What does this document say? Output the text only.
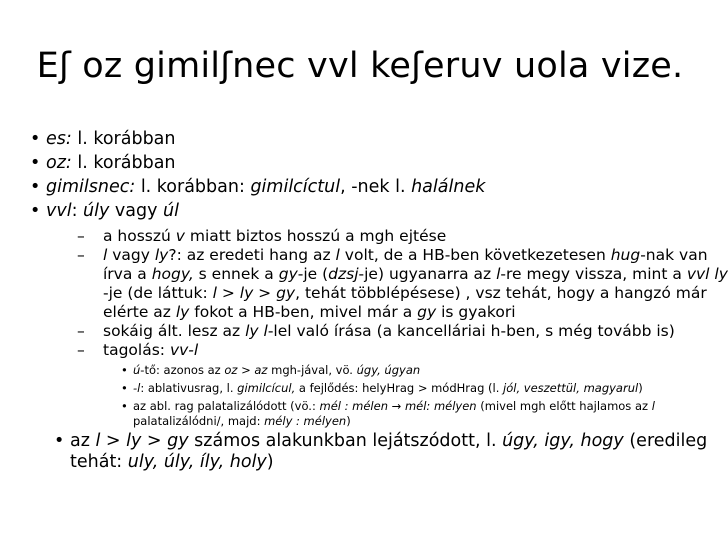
Eʃ oz gimilʃnec vvl keʃeruv uola vize.
• es: l. korábban
• oz: l. korábban
• gimilsnec: l. korábban: gimilcíctul, -nek l. halálnek
• vvl: úly vagy úl
– a hosszú v miatt biztos hosszú a mgh ejtése
– l vagy ly?: az eredeti hang az l volt, de a HB-ben következetesen hug-nak van
írva a hogy, s ennek a gy-je (dzsj-je) ugyanarra az l-re megy vissza, mint a vvl ly
-je (de láttuk: l > ly > gy, tehát többlépésese) , vsz tehát, hogy a hangzó már
elérte az ly fokot a HB-ben, mivel már a gy is gyakori
– sokáig ált. lesz az ly l-lel való írása (a kancelláriai h-ben, s még tovább is)
– tagolás: vv-l
• ú-tő: azonos az oz > az mgh-jával, vö. úgy, úgyan
• -l: ablativusrag, l. gimilcícul, a fejlődés: helyHrag > módHrag (l. jól, veszettül, magyarul)
• az abl. rag palatalizálódott (vö.: mél : mélen → mél: mélyen (mivel mgh előtt hajlamos az l
palatalizálódni/, majd: mély : mélyen)
• az l > ly > gy számos alakunkban lejátszódott, l. úgy, igy, hogy (eredileg
tehát: uly, úly, íly, holy)
